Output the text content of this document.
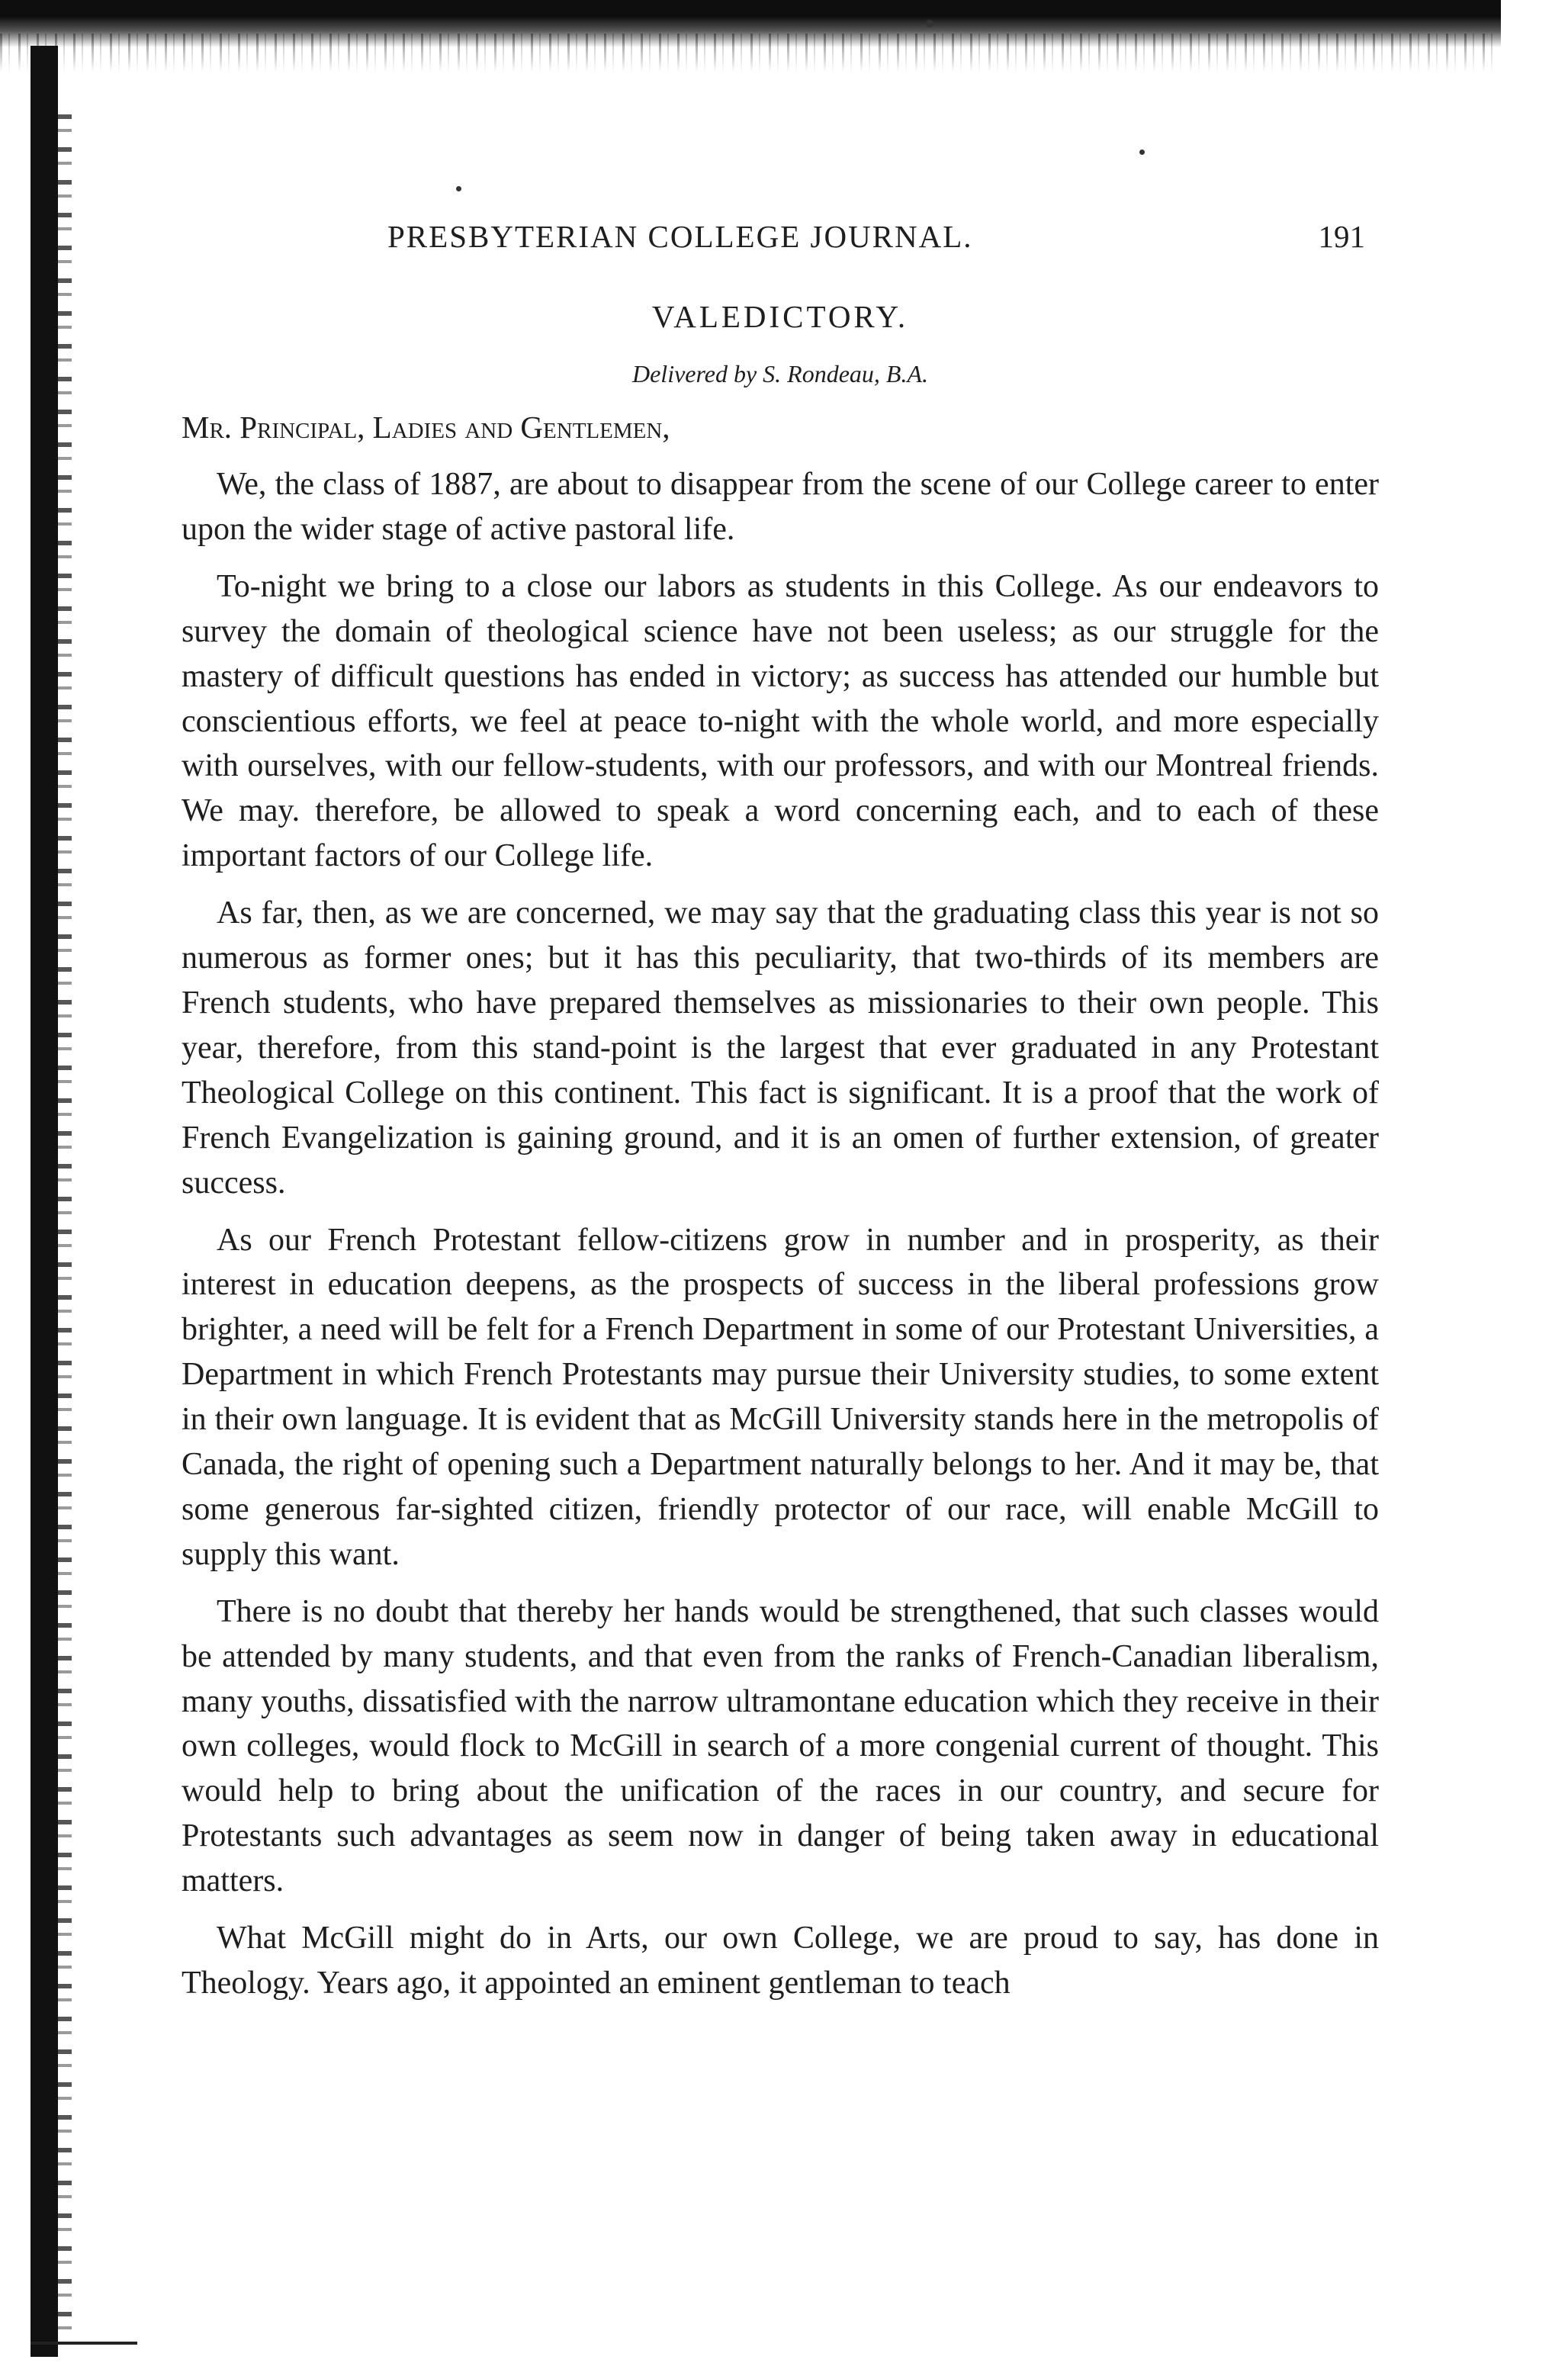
PRESBYTERIAN COLLEGE JOURNAL.	191
VALEDICTORY.
Delivered by S. Rondeau, B.A.
Mr. Principal, Ladies and Gentlemen,

We, the class of 1887, are about to disappear from the scene of our College career to enter upon the wider stage of active pastoral life.

To-night we bring to a close our labors as students in this College. As our endeavors to survey the domain of theological science have not been useless; as our struggle for the mastery of difficult questions has ended in victory; as success has attended our humble but conscientious efforts, we feel at peace to-night with the whole world, and more especially with ourselves, with our fellow-students, with our professors, and with our Montreal friends. We may. therefore, be allowed to speak a word concerning each, and to each of these important factors of our College life.

As far, then, as we are concerned, we may say that the graduating class this year is not so numerous as former ones; but it has this peculiarity, that two-thirds of its members are French students, who have prepared themselves as missionaries to their own people. This year, therefore, from this stand-point is the largest that ever graduated in any Protestant Theological College on this continent. This fact is significant. It is a proof that the work of French Evangelization is gaining ground, and it is an omen of further extension, of greater success.

As our French Protestant fellow-citizens grow in number and in prosperity, as their interest in education deepens, as the prospects of success in the liberal professions grow brighter, a need will be felt for a French Department in some of our Protestant Universities, a Department in which French Protestants may pursue their University studies, to some extent in their own language. It is evident that as McGill University stands here in the metropolis of Canada, the right of opening such a Department naturally belongs to her. And it may be, that some generous far-sighted citizen, friendly protector of our race, will enable McGill to supply this want.

There is no doubt that thereby her hands would be strengthened, that such classes would be attended by many students, and that even from the ranks of French-Canadian liberalism, many youths, dissatisfied with the narrow ultramontane education which they receive in their own colleges, would flock to McGill in search of a more congenial current of thought. This would help to bring about the unification of the races in our country, and secure for Protestants such advantages as seem now in danger of being taken away in educational matters.

What McGill might do in Arts, our own College, we are proud to say, has done in Theology. Years ago, it appointed an eminent gentleman to teach
